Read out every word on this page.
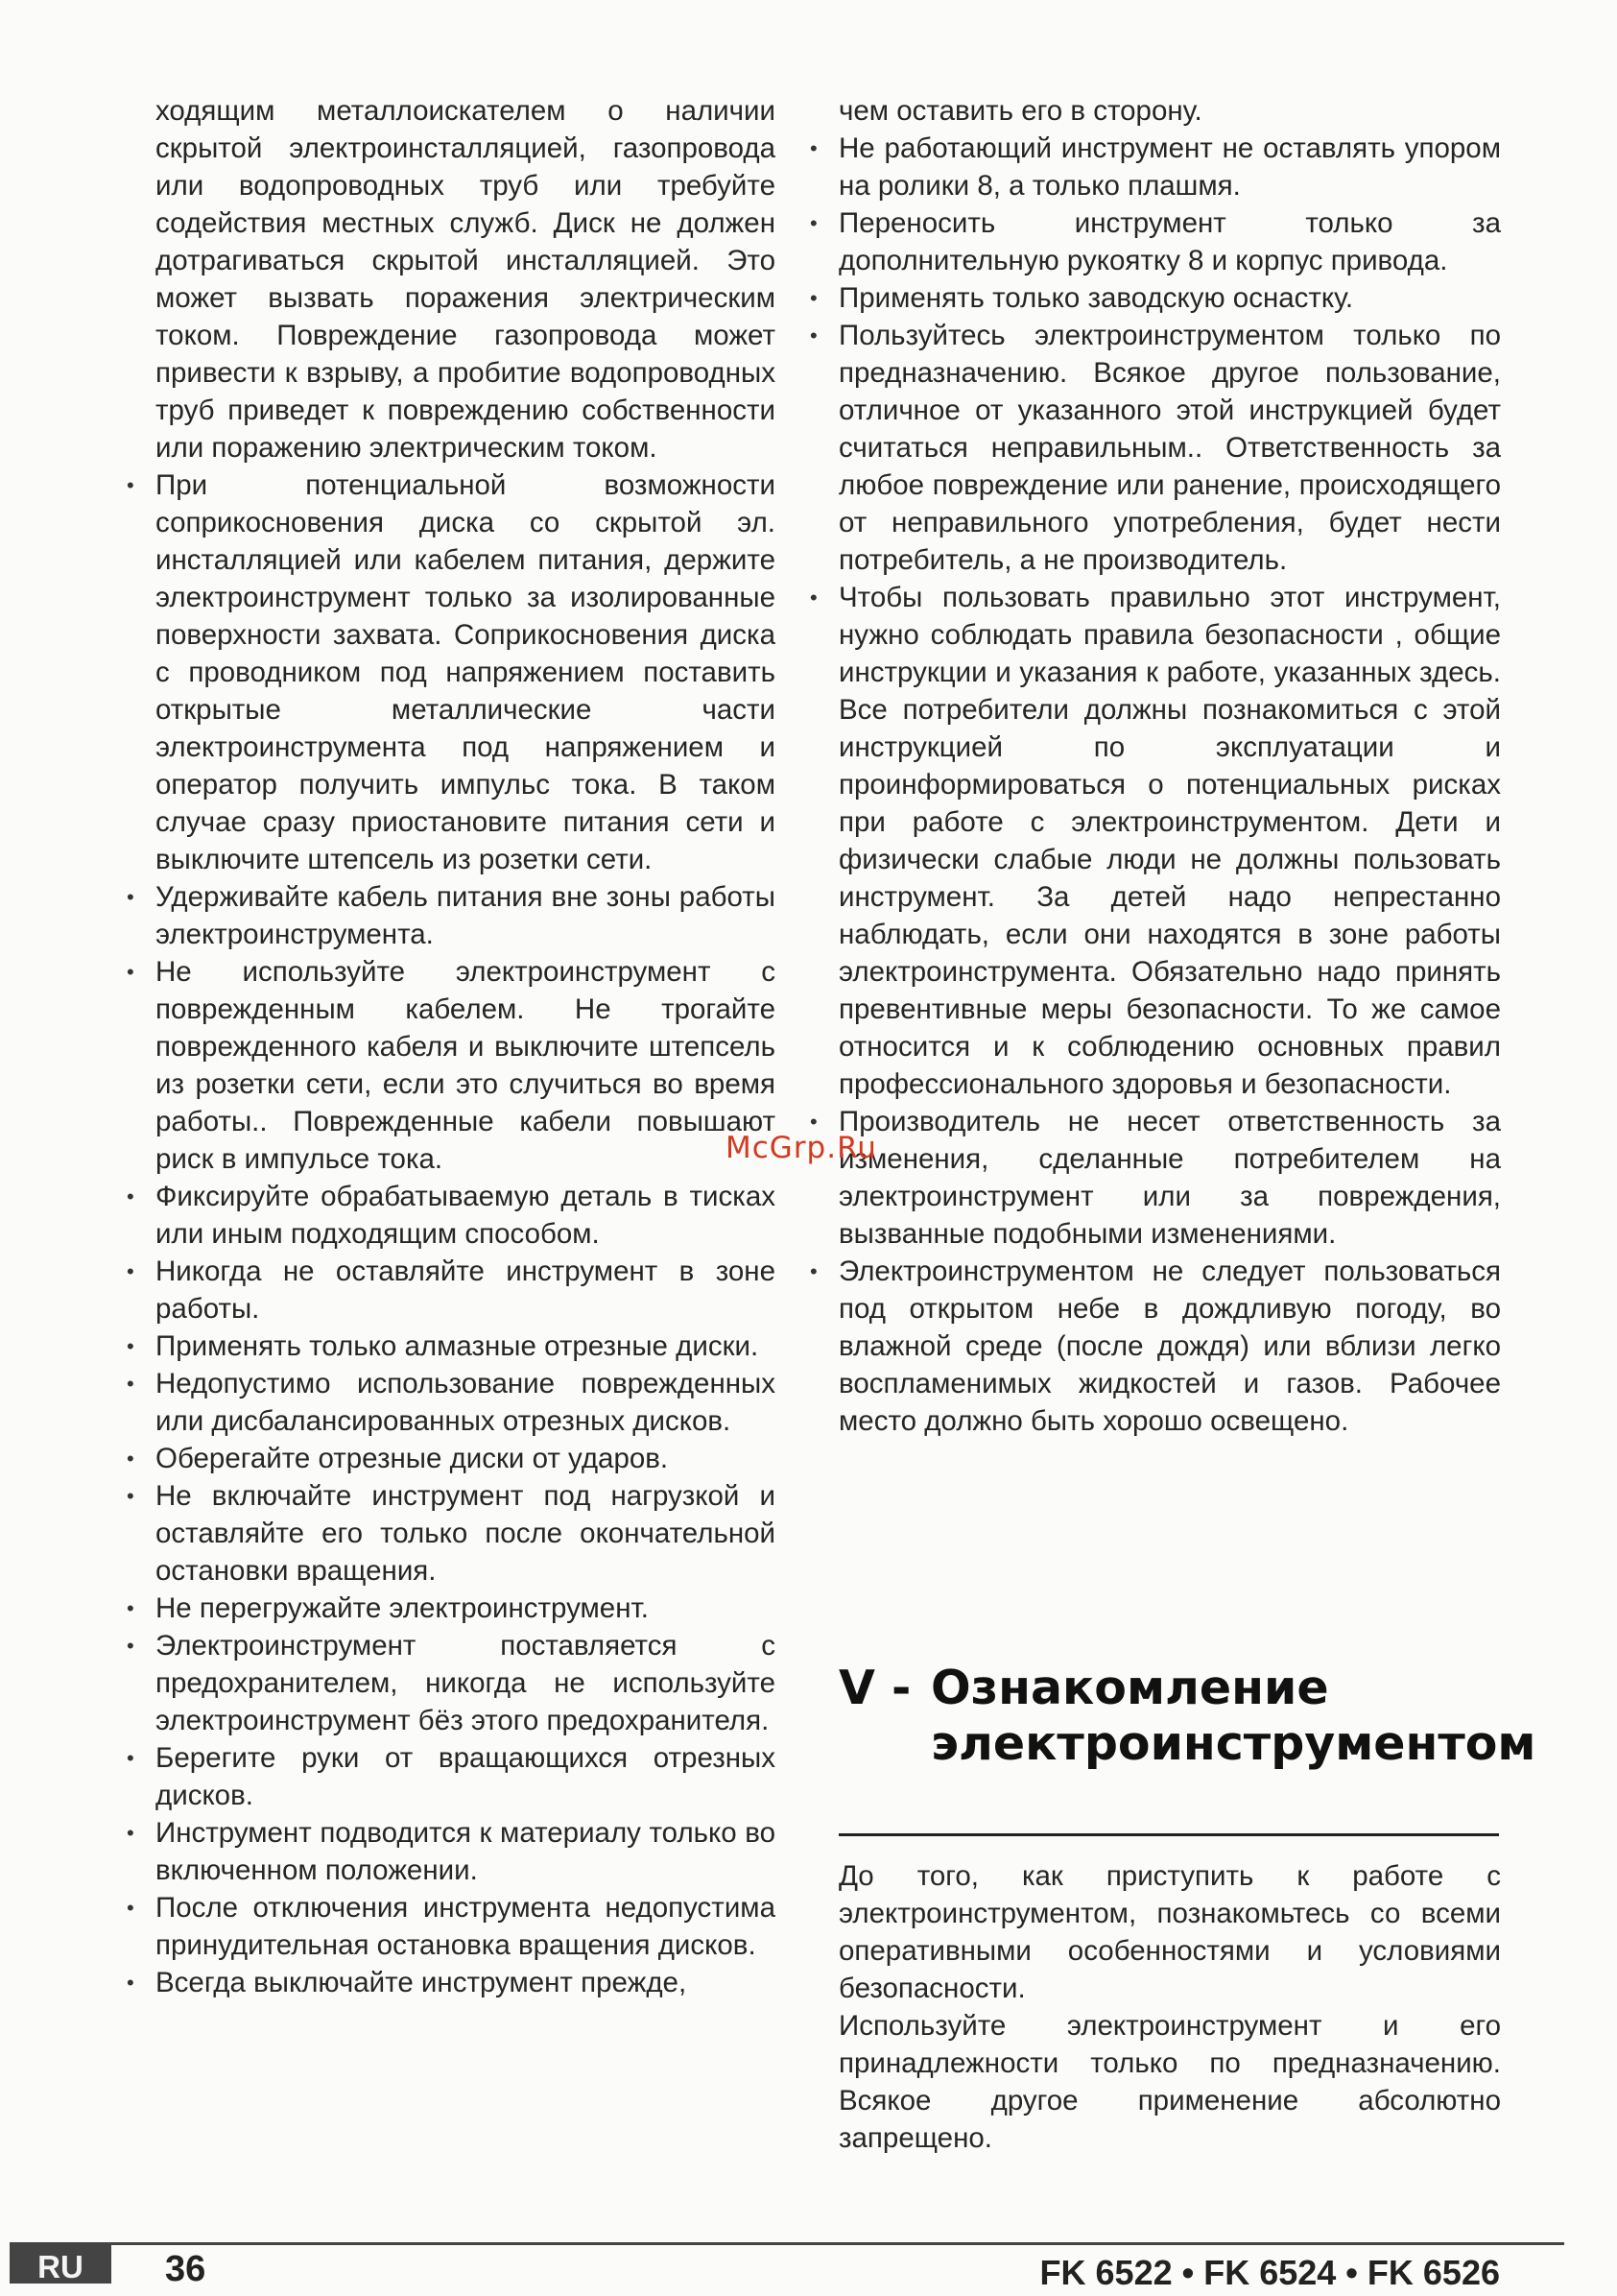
ходящим металлоискателем о наличии скрытой электроинсталляцией, газопровода или водопроводных труб или требуйте содействия местных служб. Диск не должен дотрагиваться скрытой инсталляцией. Это может вызвать поражения электрическим током. Повреждение газопровода может привести к взрыву, а пробитие водопроводных труб приведет к повреждению собственности или поражению электрическим током.

• При потенциальной возможности соприкосновения диска со скрытой эл. инсталляцией или кабелем питания, держите электроинструмент только за изолированные поверхности захвата. Соприкосновения диска с проводником под напряжением поставить открытые металлические части электроинструмента под напряжением и оператор получить импульс тока. В таком случае сразу приостановите питания сети и выключите штепсель из розетки сети.
• Удерживайте кабель питания вне зоны работы электроинструмента.
• Не используйте электроинструмент с поврежденным кабелем. Не трогайте поврежденного кабеля и выключите штепсель из розетки сети, если это случиться во время работы.. Поврежденные кабели повышают риск в импульсе тока.
• Фиксируйте обрабатываемую деталь в тисках или иным подходящим способом.
• Никогда не оставляйте инструмент в зоне работы.
• Применять только алмазные отрезные диски.
• Недопустимо использование поврежденных или дисбалансированных отрезных дисков.
• Оберегайте отрезные диски от ударов.
• Не включайте инструмент под нагрузкой и оставляйте его только после окончательной остановки вращения.
• Не перегружайте электроинструмент.
• Электроинструмент поставляется с предохранителем, никогда не используйте электроинструмент бёз этого предохранителя.
• Берегите руки от вращающихся отрезных дисков.
• Инструмент подводится к материалу только во включенном положении.
• После отключения инструмента недопустима принудительная остановка вращения дисков.
• Всегда выключайте инструмент прежде,

чем оставить его в сторону.

• Не работающий инструмент не оставлять упором на ролики 8, а только плашмя.
• Переносить инструмент только за дополнительную рукоятку 8 и корпус привода.
• Применять только заводскую оснастку.
• Пользуйтесь электроинструментом только по предназначению. Всякое другое пользование, отличное от указанного этой инструкцией будет считаться неправильным.. Ответственность за любое повреждение или ранение, происходящего от неправильного употребления, будет нести потребитель, а не производитель.
• Чтобы пользовать правильно этот инструмент, нужно соблюдать правила безопасности , общие инструкции и указания к работе, указанных здесь. Все потребители должны познакомиться с этой инструкцией по эксплуатации и проинформироваться о потенциальных рисках при работе с электроинструментом. Дети и физически слабые люди не должны пользовать инструмент. За детей надо непрестанно наблюдать, если они находятся в зоне работы электроинструмента. Обязательно надо принять превентивные меры безопасности. То же самое относится и к соблюдению основных правил профессионального здоровья и безопасности.
• Производитель не несет ответственность за изменения, сделанные потребителем на электроинструмент или за повреждения, вызванные подобными изменениями.
• Электроинструментом не следует пользоваться под открытом небе в дождливую погоду, во влажной среде (после дождя) или вблизи легко воспламенимых жидкостей и газов. Рабочее место должно быть хорошо освещено.
McGrp.Ru
V - Ознакомление электроинструментом

До того, как приступить к работе с электроинструментом, познакомьтесь со всеми оперативными особенностями и условиями безопасности.

Используйте электроинструмент и его принадлежности только по предназначению. Всякое другое применение абсолютно запрещено.

RU	36	FK 6522 • FK 6524 • FK 6526
